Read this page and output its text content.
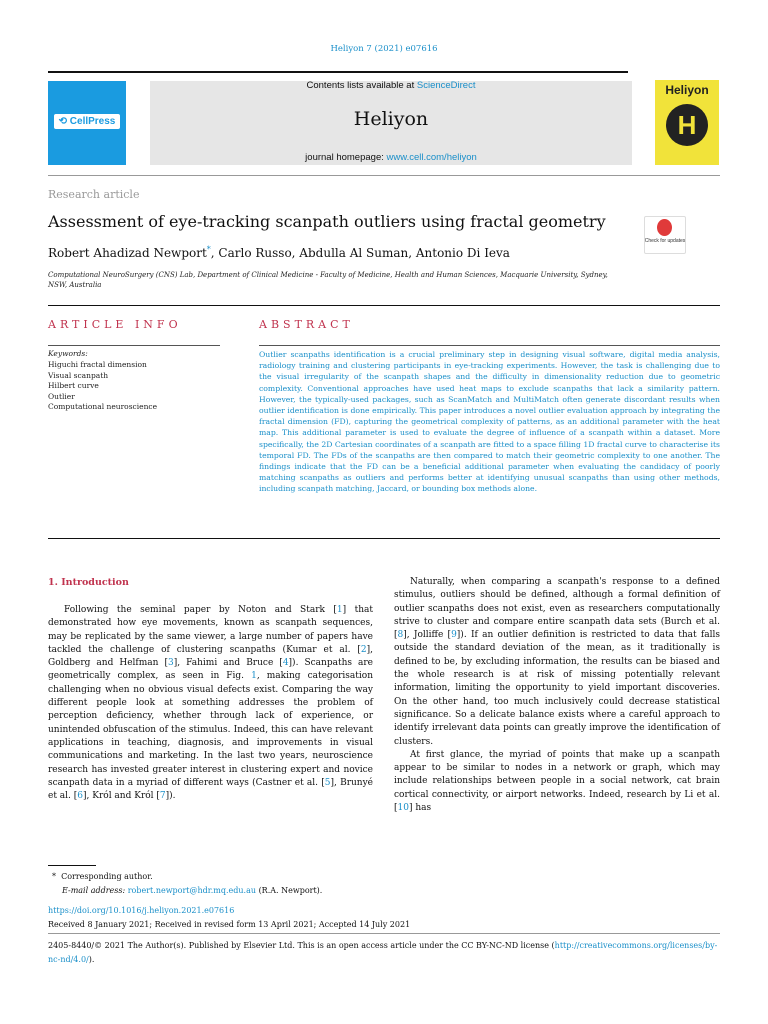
Heliyon 7 (2021) e07616
⟲ CellPress
Contents lists available at ScienceDirect
Heliyon
journal homepage: www.cell.com/heliyon
Heliyon
H
Research article
Assessment of eye-tracking scanpath outliers using fractal geometry
Check for updates
Robert Ahadizad Newport*, Carlo Russo, Abdulla Al Suman, Antonio Di Ieva
Computational NeuroSurgery (CNS) Lab, Department of Clinical Medicine - Faculty of Medicine, Health and Human Sciences, Macquarie University, Sydney, NSW, Australia
ARTICLE INFO	ABSTRACT
Keywords:
Higuchi fractal dimension
Visual scanpath
Hilbert curve
Outlier
Computational neuroscience
Outlier scanpaths identification is a crucial preliminary step in designing visual software, digital media analysis, radiology training and clustering participants in eye-tracking experiments. However, the task is challenging due to the visual irregularity of the scanpath shapes and the difficulty in dimensionality reduction due to geometric complexity. Conventional approaches have used heat maps to exclude scanpaths that lack a similarity pattern. However, the typically-used packages, such as ScanMatch and MultiMatch often generate discordant results when outlier identification is done empirically. This paper introduces a novel outlier evaluation approach by integrating the fractal dimension (FD), capturing the geometrical complexity of patterns, as an additional parameter with the heat map. This additional parameter is used to evaluate the degree of influence of a scanpath within a dataset. More specifically, the 2D Cartesian coordinates of a scanpath are fitted to a space filling 1D fractal curve to characterise its temporal FD. The FDs of the scanpaths are then compared to match their geometric complexity to one another. The findings indicate that the FD can be a beneficial additional parameter when evaluating the candidacy of poorly matching scanpaths as outliers and performs better at identifying unusual scanpaths than using other methods, including scanpath matching, Jaccard, or bounding box methods alone.
1. Introduction

Following the seminal paper by Noton and Stark [1] that demonstrated how eye movements, known as scanpath sequences, may be replicated by the same viewer, a large number of papers have tackled the challenge of clustering scanpaths (Kumar et al. [2], Goldberg and Helfman [3], Fahimi and Bruce [4]). Scanpaths are geometrically complex, as seen in Fig. 1, making categorisation challenging when no obvious visual defects exist. Comparing the way different people look at something addresses the problem of perception deficiency, whether through lack of experience, or unintended obfuscation of the stimulus. Indeed, this can have relevant applications in teaching, diagnosis, and improvements in visual communications and marketing. In the last two years, neuroscience research has invested greater interest in clustering expert and novice scanpath data in a myriad of different ways (Castner et al. [5], Brunyé et al. [6], Król and Król [7]).

Naturally, when comparing a scanpath's response to a defined stimulus, outliers should be defined, although a formal definition of outlier scanpaths does not exist, even as researchers computationally strive to cluster and compare entire scanpath data sets (Burch et al. [8], Jolliffe [9]). If an outlier definition is restricted to data that falls outside the standard deviation of the mean, as it traditionally is defined to be, by excluding information, the results can be biased and the whole research is at risk of missing potentially relevant information, limiting the opportunity to yield important discoveries. On the other hand, too much inclusively could decrease statistical significance. So a delicate balance exists where a careful approach to identify irrelevant data points can greatly improve the identification of clusters.

At first glance, the myriad of points that make up a scanpath appear to be similar to nodes in a network or graph, which may include relationships between people in a social network, cat brain cortical connectivity, or airport networks. Indeed, research by Li et al. [10] has

* Corresponding author.
E-mail address: robert.newport@hdr.mq.edu.au (R.A. Newport).
https://doi.org/10.1016/j.heliyon.2021.e07616
Received 8 January 2021; Received in revised form 13 April 2021; Accepted 14 July 2021
2405-8440/© 2021 The Author(s). Published by Elsevier Ltd. This is an open access article under the CC BY-NC-ND license (http://creativecommons.org/licenses/by-nc-nd/4.0/).
